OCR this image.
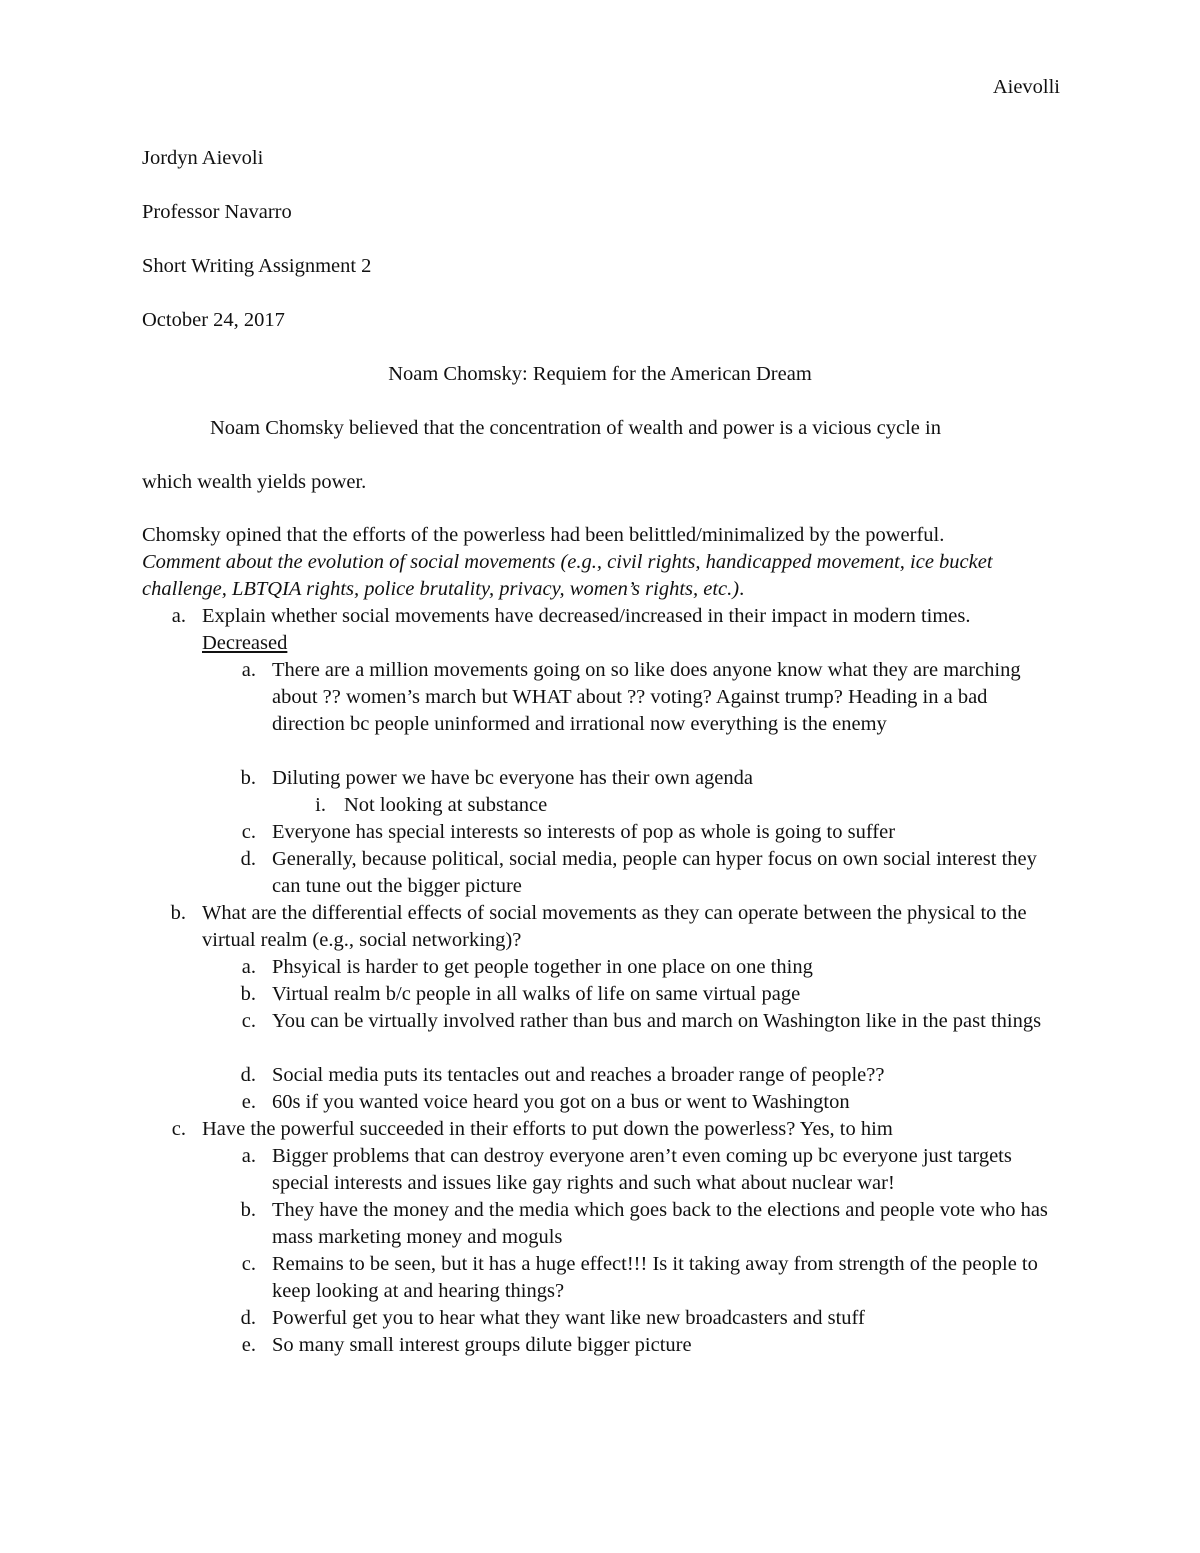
Aievolli
Jordyn Aievoli
Professor Navarro
Short Writing Assignment 2
October 24, 2017
Noam Chomsky: Requiem for the American Dream
Noam Chomsky believed that the concentration of wealth and power is a vicious cycle in
which wealth yields power.
Chomsky opined that the efforts of the powerless had been belittled/minimalized by the powerful. Comment about the evolution of social movements (e.g., civil rights, handicapped movement, ice bucket challenge, LBTQIA rights, police brutality, privacy, women’s rights, etc.).
a. Explain whether social movements have decreased/increased in their impact in modern times. Decreased
a. There are a million movements going on so like does anyone know what they are marching about ?? women’s march but WHAT about ?? voting? Against trump? Heading in a bad direction bc people uninformed and irrational now everything is the enemy
b. Diluting power we have bc everyone has their own agenda
i. Not looking at substance
c. Everyone has special interests so interests of pop as whole is going to suffer
d. Generally, because political, social media, people can hyper focus on own social interest they can tune out the bigger picture
b. What are the differential effects of social movements as they can operate between the physical to the virtual realm (e.g., social networking)?
a. Phsyical is harder to get people together in one place on one thing
b. Virtual realm b/c people in all walks of life on same virtual page
c. You can be virtually involved rather than bus and march on Washington like in the past things
d. Social media puts its tentacles out and reaches a broader range of people??
e. 60s if you wanted voice heard you got on a bus or went to Washington
c. Have the powerful succeeded in their efforts to put down the powerless? Yes, to him
a. Bigger problems that can destroy everyone aren’t even coming up bc everyone just targets special interests and issues like gay rights and such what about nuclear war!
b. They have the money and the media which goes back to the elections and people vote who has mass marketing money and moguls
c. Remains to be seen, but it has a huge effect!!! Is it taking away from strength of the people to keep looking at and hearing things?
d. Powerful get you to hear what they want like new broadcasters and stuff
e. So many small interest groups dilute bigger picture
